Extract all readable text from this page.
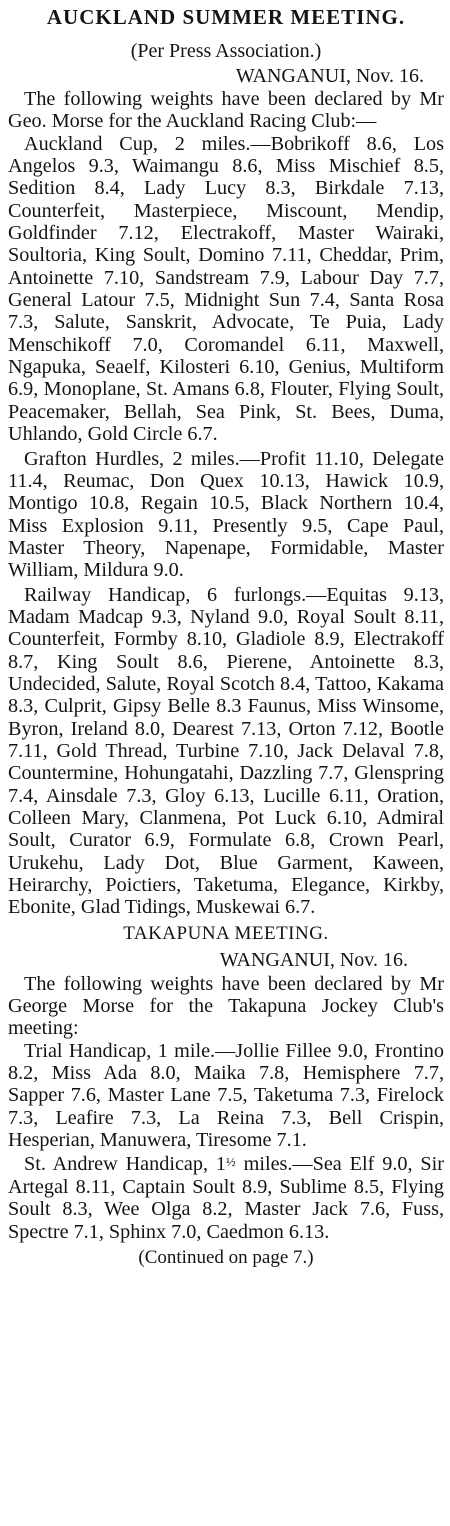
AUCKLAND SUMMER MEETING.
(Per Press Association.)
WANGANUI, Nov. 16.

The following weights have been declared by Mr Geo. Morse for the Auckland Racing Club:—

Auckland Cup, 2 miles.—Bobrikoff 8.6, Los Angelos 9.3, Waimangu 8.6, Miss Mischief 8.5, Sedition 8.4, Lady Lucy 8.3, Birkdale 7.13, Counterfeit, Masterpiece, Miscount, Mendip, Goldfinder 7.12, Electrakoff, Master Wairaki, Soultoria, King Soult, Domino 7.11, Cheddar, Prim, Antoinette 7.10, Sandstream 7.9, Labour Day 7.7, General Latour 7.5, Midnight Sun 7.4, Santa Rosa 7.3, Salute, Sanskrit, Advocate, Te Puia, Lady Menschikoff 7.0, Coromandel 6.11, Maxwell, Ngapuka, Seaelf, Kilosteri 6.10, Genius, Multiform 6.9, Monoplane, St. Amans 6.8, Flouter, Flying Soult, Peacemaker, Bellah, Sea Pink, St. Bees, Duma, Uhlando, Gold Circle 6.7.

Grafton Hurdles, 2 miles.—Profit 11.10, Delegate 11.4, Reumac, Don Quex 10.13, Hawick 10.9, Montigo 10.8, Regain 10.5, Black Northern 10.4, Miss Explosion 9.11, Presently 9.5, Cape Paul, Master Theory, Napenape, Formidable, Master William, Mildura 9.0.

Railway Handicap, 6 furlongs.—Equitas 9.13, Madam Madcap 9.3, Nyland 9.0, Royal Soult 8.11, Counterfeit, Formby 8.10, Gladiole 8.9, Electrakoff 8.7, King Soult 8.6, Pierene, Antoinette 8.3, Undecided, Salute, Royal Scotch 8.4, Tattoo, Kakama 8.3, Culprit, Gipsy Belle 8.3 Faunus, Miss Winsome, Byron, Ireland 8.0, Dearest 7.13, Orton 7.12, Bootle 7.11, Gold Thread, Turbine 7.10, Jack Delaval 7.8, Countermine, Hohungatahi, Dazzling 7.7, Glenspring 7.4, Ainsdale 7.3, Gloy 6.13, Lucille 6.11, Oration, Colleen Mary, Clanmena, Pot Luck 6.10, Admiral Soult, Curator 6.9, Formulate 6.8, Crown Pearl, Urukehu, Lady Dot, Blue Garment, Kaween, Heirarchy, Poictiers, Taketuma, Elegance, Kirkby, Ebonite, Glad Tidings, Muskewai 6.7.

TAKAPUNA MEETING.
WANGANUI, Nov. 16.

The following weights have been declared by Mr George Morse for the Takapuna Jockey Club's meeting:

Trial Handicap, 1 mile.—Jollie Fillee 9.0, Frontino 8.2, Miss Ada 8.0, Maika 7.8, Hemisphere 7.7, Sapper 7.6, Master Lane 7.5, Taketuma 7.3, Firelock 7.3, Leafire 7.3, La Reina 7.3, Bell Crispin, Hesperian, Manuwera, Tiresome 7.1.

St. Andrew Handicap, 1½ miles.—Sea Elf 9.0, Sir Artegal 8.11, Captain Soult 8.9, Sublime 8.5, Flying Soult 8.3, Wee Olga 8.2, Master Jack 7.6, Fuss, Spectre 7.1, Sphinx 7.0, Caedmon 6.13.

(Continued on page 7.)
